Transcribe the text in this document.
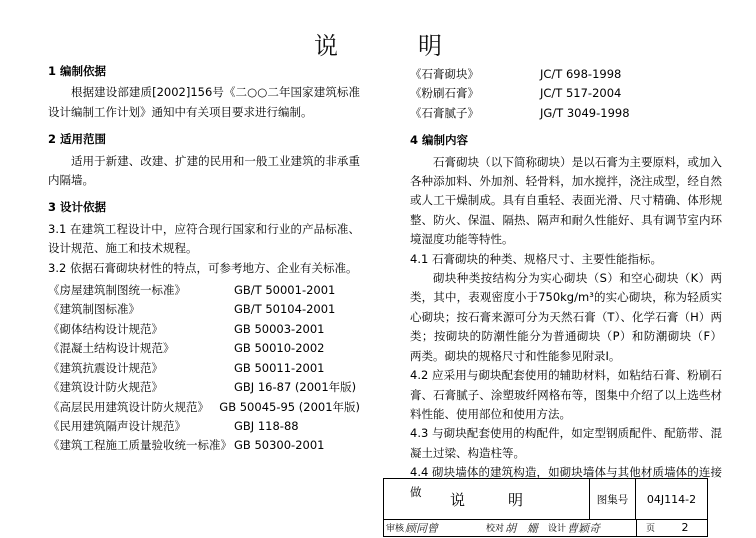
说　明
1 编制依据
根据建设部建质[2002]156号《二○○二年国家建筑标准设计编制工作计划》通知中有关项目要求进行编制。
2 适用范围
适用于新建、改建、扩建的民用和一般工业建筑的非承重内隔墙。
3 设计依据
3.1 在建筑工程设计中，应符合现行国家和行业的产品标准、设计规范、施工和技术规程。
3.2 依据石膏砌块材性的特点，可参考地方、企业有关标准。
《房屋建筑制图统一标准》	GB/T 50001-2001
《建筑制图标准》	GB/T 50104-2001
《砌体结构设计规范》	GB 50003-2001
《混凝土结构设计规范》	GB 50010-2002
《建筑抗震设计规范》	GB 50011-2001
《建筑设计防火规范》	GBJ 16-87 (2001年版)
《高层民用建筑设计防火规范》 GB 50045-95 (2001年版)
《民用建筑隔声设计规范》	GBJ 118-88
《建筑工程施工质量验收统一标准》 GB 50300-2001
《石膏砌块》	JC/T 698-1998
《粉刷石膏》	JC/T 517-2004
《石膏腻子》	JG/T 3049-1998
4 编制内容
石膏砌块（以下简称砌块）是以石膏为主要原料，或加入各种添加料、外加剂、轻骨料，加水搅拌，浇注成型，经自然或人工干燥制成。具有自重轻、表面光滑、尺寸精确、体形规整、防火、保温、隔热、隔声和耐久性能好、具有调节室内环境湿度功能等特性。
4.1 石膏砌块的种类、规格尺寸、主要性能指标。
砌块种类按结构分为实心砌块（S）和空心砌块（K）两类，其中，表观密度小于750kg/m³的实心砌块，称为轻质实心砌块；按石膏来源可分为天然石膏（T）、化学石膏（H）两类；按砌块的防潮性能分为普通砌块（P）和防潮砌块（F）两类。砌块的规格尺寸和性能参见附录I。
4.2 应采用与砌块配套使用的辅助材料，如粘结石膏、粉刷石膏、石膏腻子、涂塑玻纤网格布等，图集中介绍了以上选些材料性能、使用部位和使用方法。
4.3 与砌块配套使用的构配件，如定型钢质配件、配筋带、混凝土过梁、构造柱等。
4.4 砌块墙体的建筑构造，如砌块墙体与其他材质墙体的连接做	说　明	图集号	04J114-2
审核 顾同曾	校对 胡　姗 设计 曹颖奇	页	2
